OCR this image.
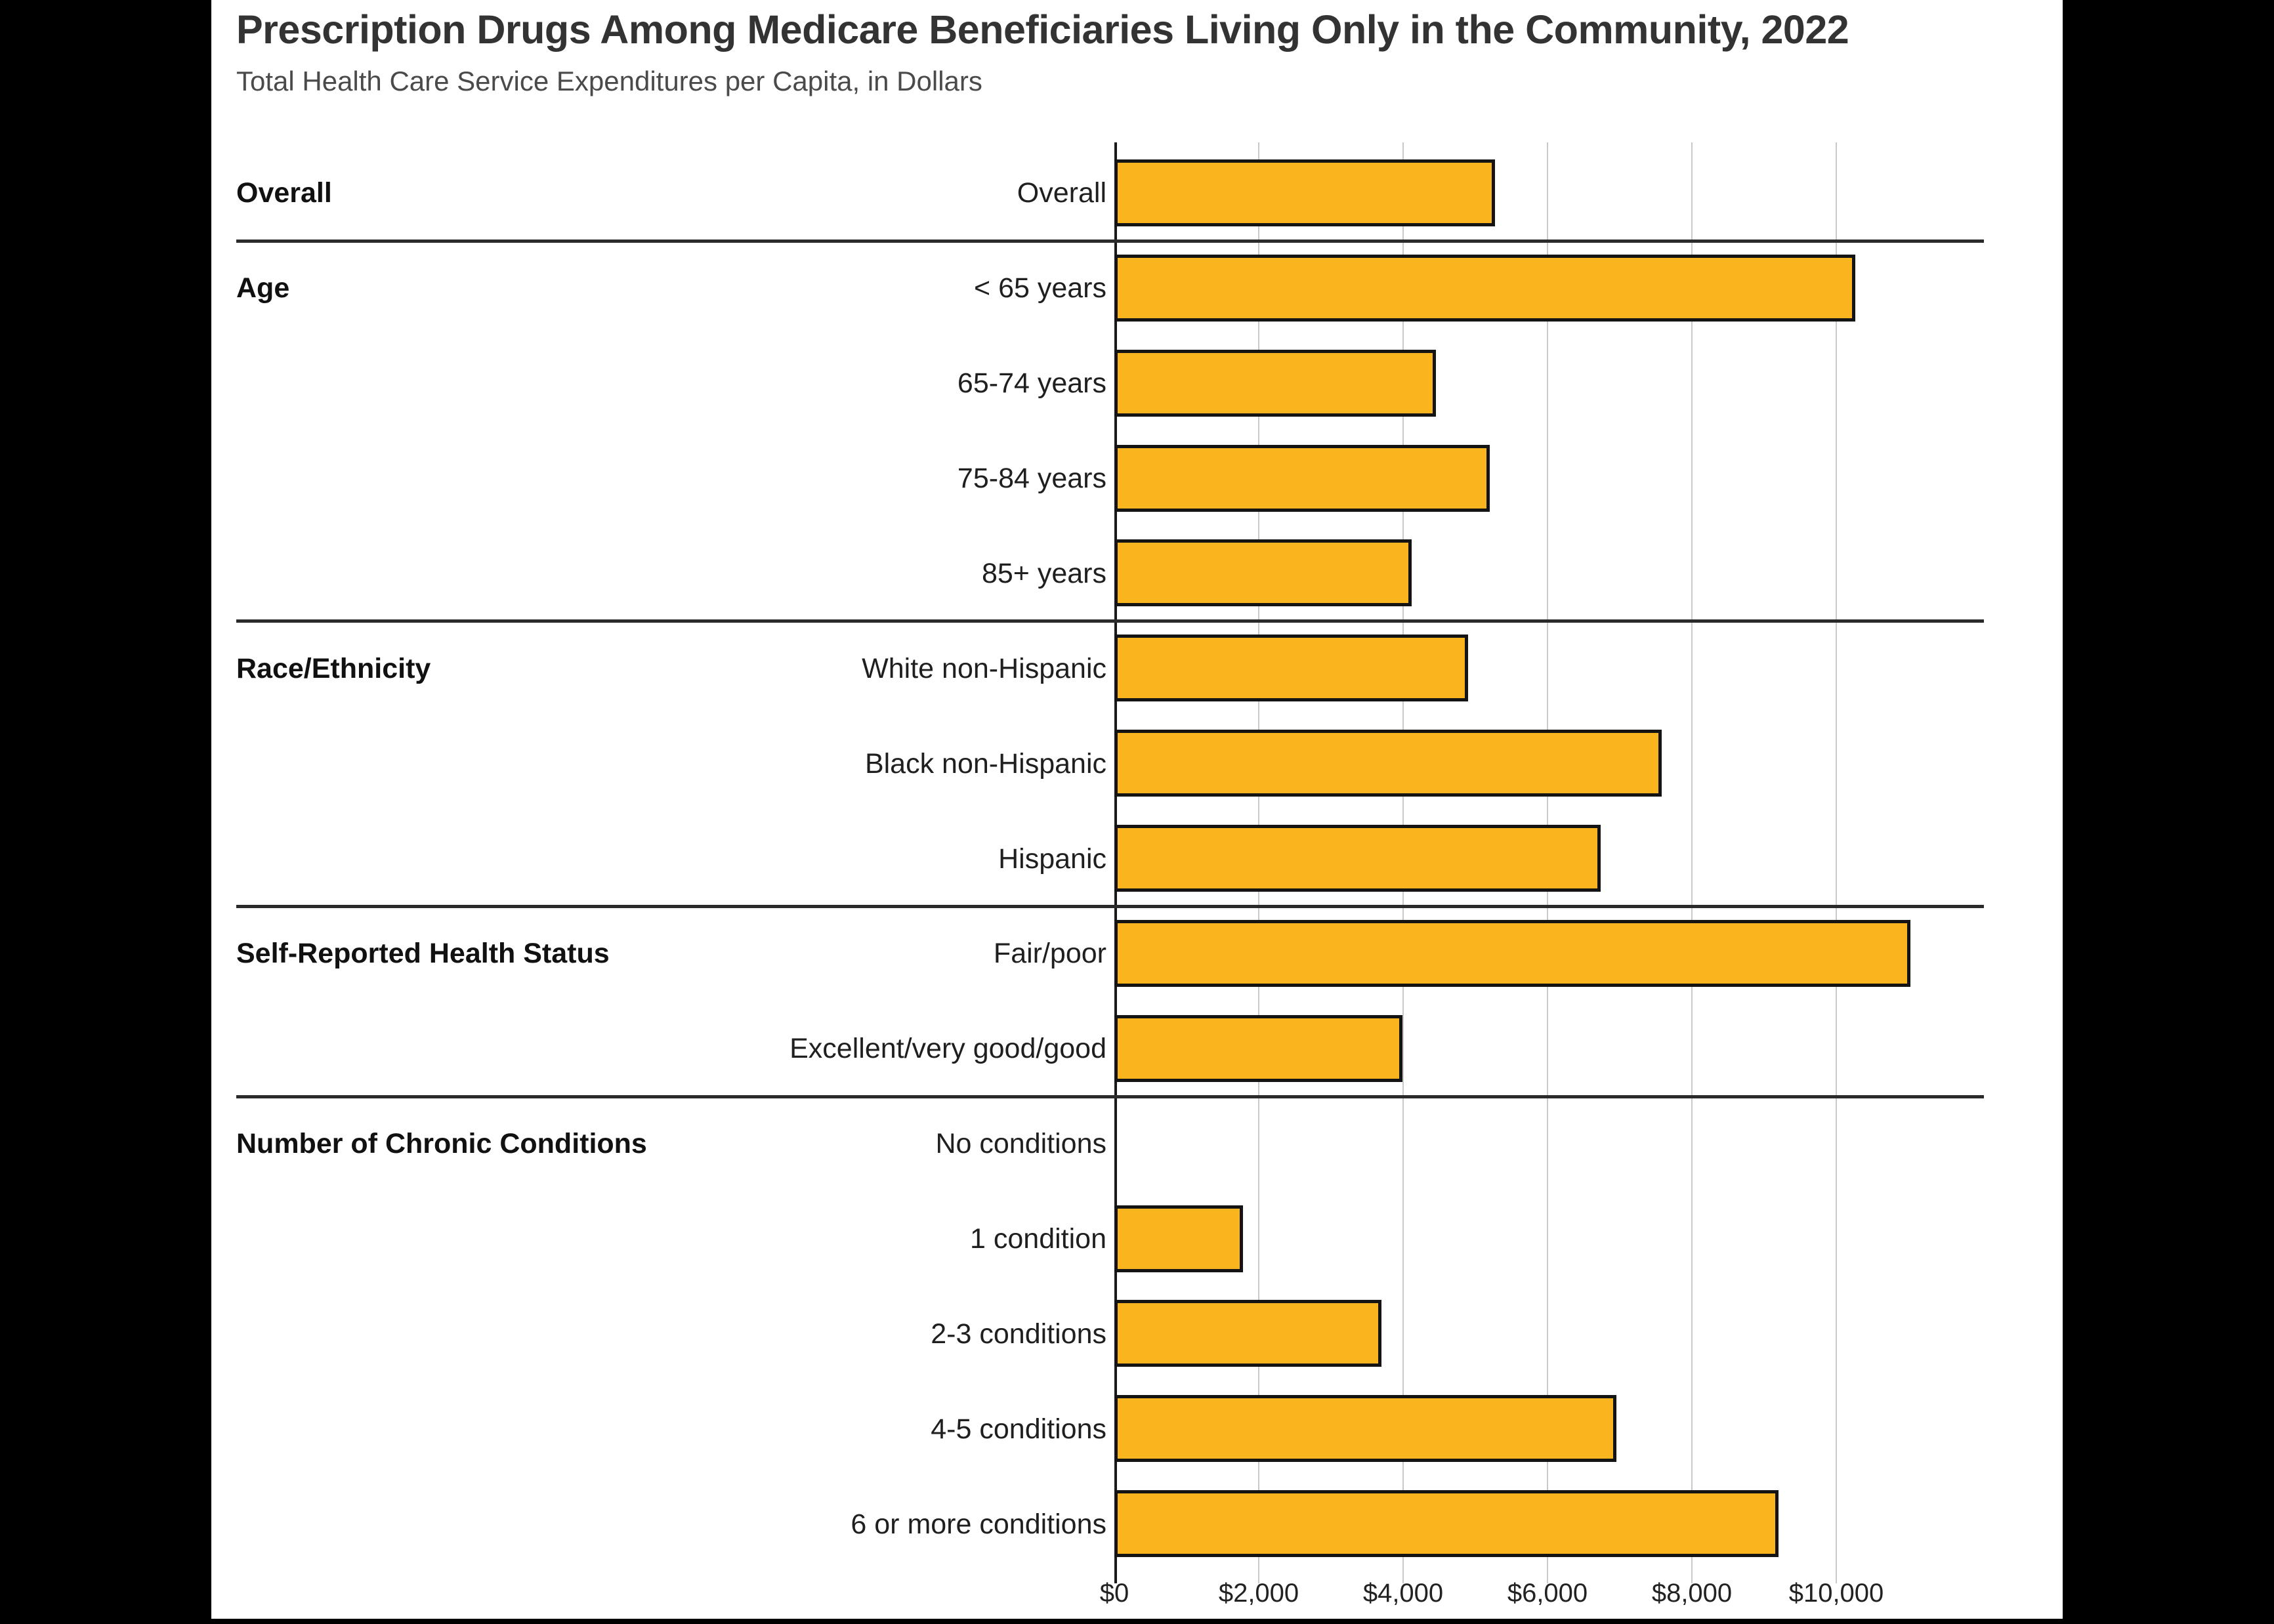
Prescription Drugs Among Medicare Beneficiaries Living Only in the Community, 2022
Total Health Care Service Expenditures per Capita, in Dollars
$0	$2,000 $4,000 $6,000 $8,000 $10,000
Overall	Overall
Age	< 65 years
65-74 years
75-84 years
85+ years
Race/Ethnicity	White non-Hispanic
Black non-Hispanic
Hispanic
Self-Reported Health Status	Fair/poor
Excellent/very good/good
Number of Chronic Conditions	No conditions
1 condition
2-3 conditions
4-5 conditions
6 or more conditions
